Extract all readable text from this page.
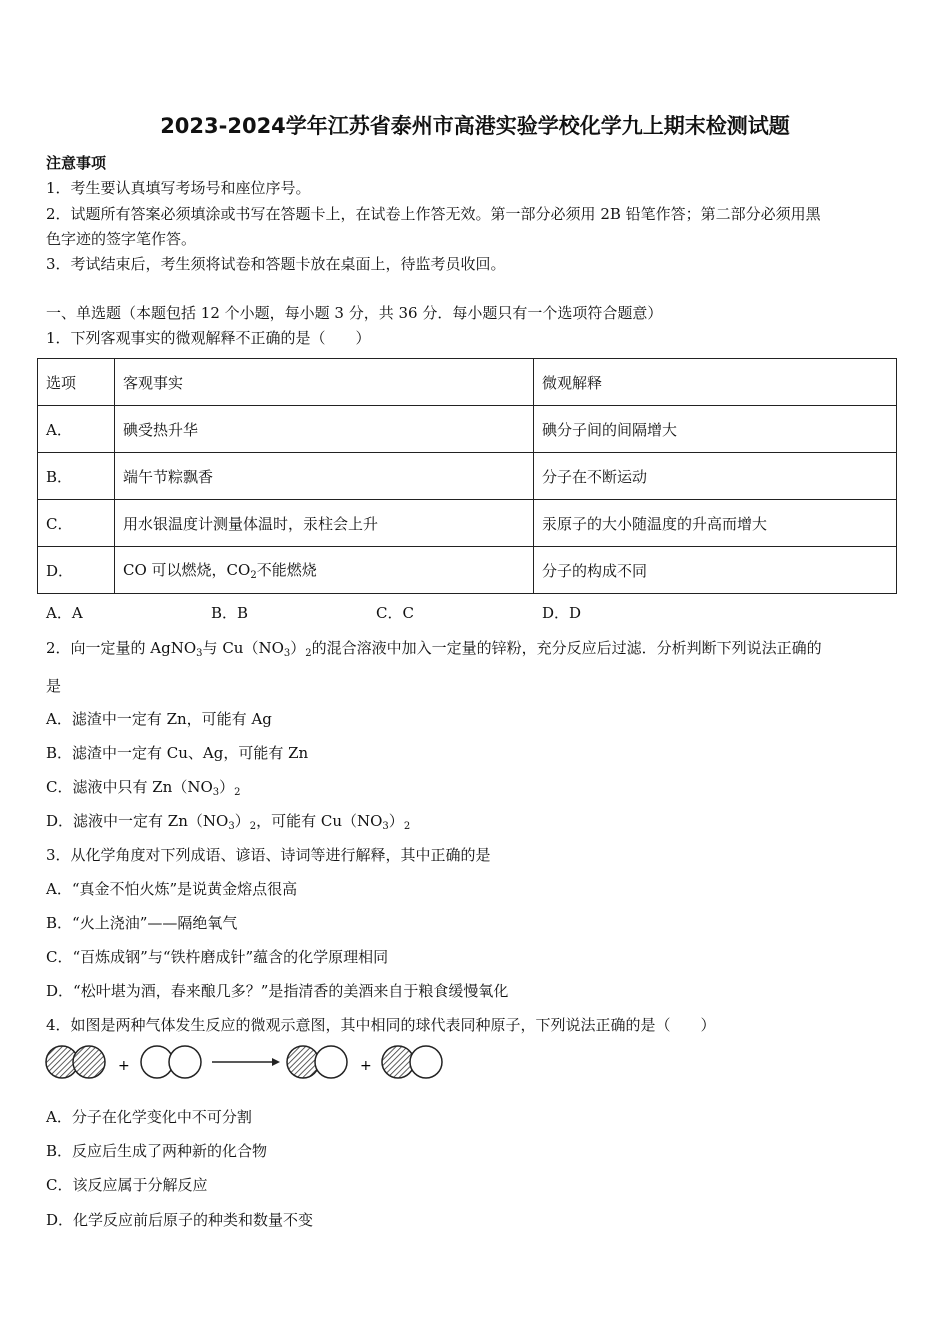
2023-2024学年江苏省泰州市高港实验学校化学九上期末检测试题
注意事项
1．考生要认真填写考场号和座位序号。
2．试题所有答案必须填涂或书写在答题卡上，在试卷上作答无效。第一部分必须用 2B 铅笔作答；第二部分必须用黑
色字迹的签字笔作答。
3．考试结束后，考生须将试卷和答题卡放在桌面上，待监考员收回。
一、单选题（本题包括 12 个小题，每小题 3 分，共 36 分．每小题只有一个选项符合题意）
1．下列客观事实的微观解释不正确的是（　　）
选项	客观事实	微观解释
A．	碘受热升华	碘分子间的间隔增大
B．	端午节粽飘香	分子在不断运动
C．	用水银温度计测量体温时，汞柱会上升	汞原子的大小随温度的升高而增大
D．	CO 可以燃烧，$CO_2$不能燃烧	分子的构成不同
A．A	B．B	C．C	D．D
2．向一定量的 AgNO$_3$与 $Cu(NO_3)_2$的混合溶液中加入一定量的锌粉，充分反应后过滤．分析判断下列说法正确的
是
A．滤渣中一定有 Zn，可能有 Ag
B．滤渣中一定有 Cu、Ag，可能有 Zn
C．滤液中只有 $Zn(NO_3)_2$
D．滤液中一定有 $Zn(NO_3)_2$，可能有 $Cu(NO_3)_2$
3．从化学角度对下列成语、谚语、诗词等进行解释，其中正确的是
A．“真金不怕火炼”是说黄金熔点很高
B．“火上浇油”——隔绝氧气
C．“百炼成钢”与“铁杵磨成针”蕴含的化学原理相同
D．“松叶堪为酒，春来酿几多？”是指清香的美酒来自于粮食缓慢氧化
4．如图是两种气体发生反应的微观示意图，其中相同的球代表同种原子，下列说法正确的是（　　）
+	+
A．分子在化学变化中不可分割
B．反应后生成了两种新的化合物
C．该反应属于分解反应
D．化学反应前后原子的种类和数量不变
